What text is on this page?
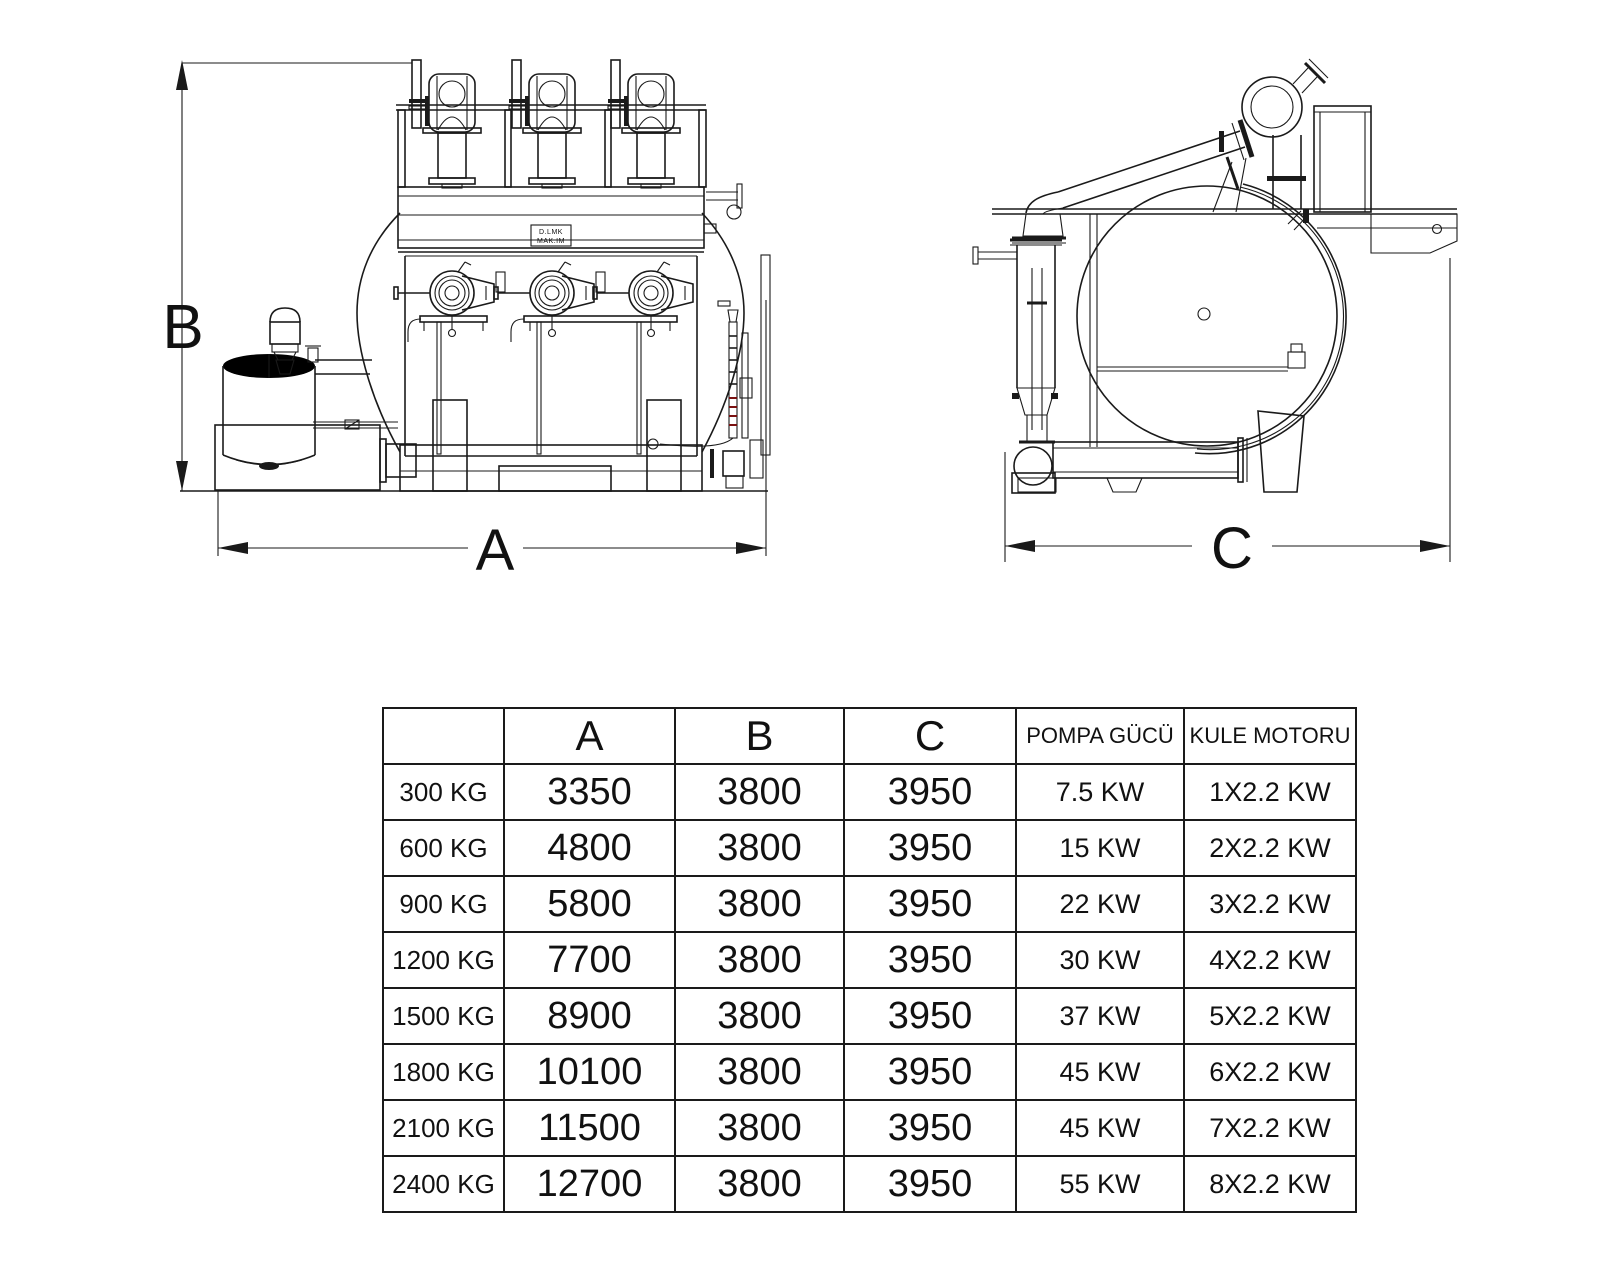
B
D.LMK
MAK.IM
A	C
	A	B	C	POMPA GÜCÜ	KULE MOTORU
300 KG	3350	3800	3950	7.5 KW	1X2.2 KW
600 KG	4800	3800	3950	15 KW	2X2.2 KW
900 KG	5800	3800	3950	22 KW	3X2.2 KW
1200 KG	7700	3800	3950	30 KW	4X2.2 KW
1500 KG	8900	3800	3950	37 KW	5X2.2 KW
1800 KG	10100	3800	3950	45 KW	6X2.2 KW
2100 KG	11500	3800	3950	45 KW	7X2.2 KW
2400 KG	12700	3800	3950	55 KW	8X2.2 KW
